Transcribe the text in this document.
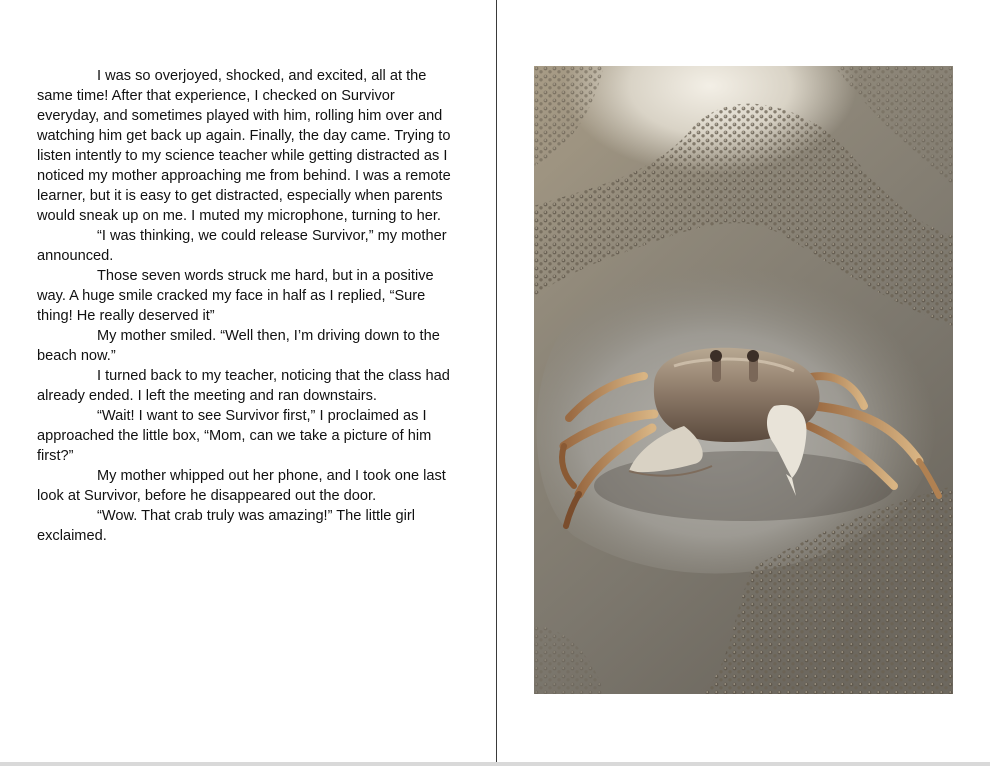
I was so overjoyed, shocked, and excited, all at the same time! After that experience, I checked on Survivor everyday, and sometimes played with him, rolling him over and watching him get back up again. Finally, the day came. Trying to listen intently to my science teacher while getting distracted as I noticed my mother approaching me from behind. I was a remote learner, but it is easy to get distracted, especially when parents would sneak up on me. I muted my microphone, turning to her.

“I was thinking, we could release Survivor,” my mother announced.

Those seven words struck me hard, but in a positive way. A huge smile cracked my face in half as I replied, “Sure thing! He really deserved it”

My mother smiled. “Well then, I’m driving down to the beach now.”

I turned back to my teacher, noticing that the class had already ended. I left the meeting and ran downstairs.

“Wait! I want to see Survivor first,” I proclaimed as I approached the little box, “Mom, can we take a picture of him first?”

My mother whipped out her phone, and I took one last look at Survivor, before he disappeared out the door.

“Wow. That crab truly was amazing!” The little girl exclaimed.
